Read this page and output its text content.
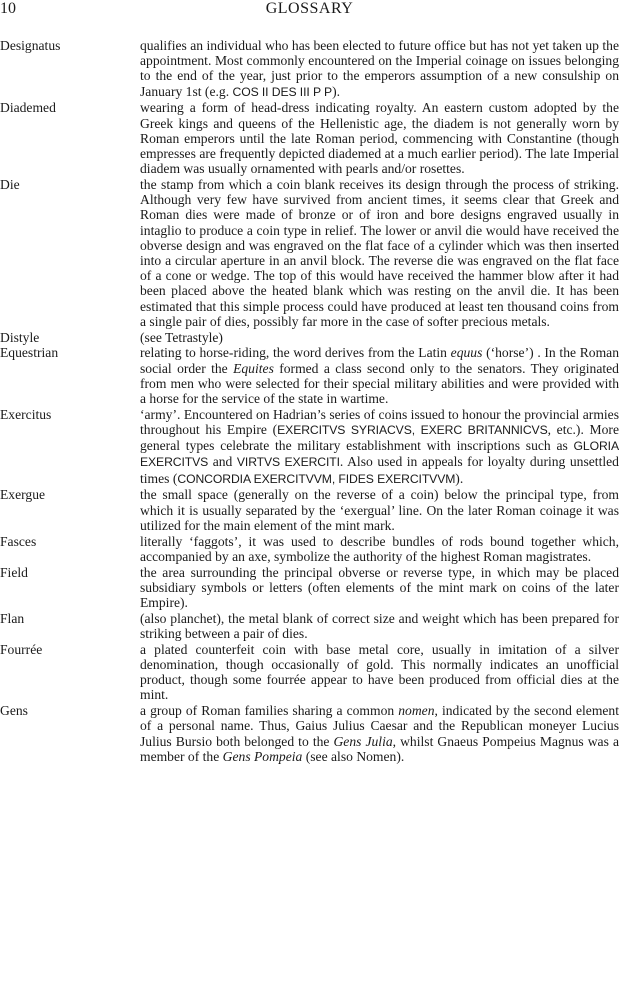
10	GLOSSARY
Designatus	qualifies an individual who has been elected to future office but has not yet taken up the appointment. Most commonly encountered on the Imperial coinage on issues belonging to the end of the year, just prior to the emperors assumption of a new consulship on January 1st (e.g. COS II DES III P P).
Diademed	wearing a form of head-dress indicating royalty. An eastern custom adopted by the Greek kings and queens of the Hellenistic age, the diadem is not generally worn by Roman emperors until the late Roman period, commencing with Constantine (though empresses are frequently depicted diademed at a much earlier period). The late Imperial diadem was usually ornamented with pearls and/or rosettes.
Die	the stamp from which a coin blank receives its design through the process of striking. Although very few have survived from ancient times, it seems clear that Greek and Roman dies were made of bronze or of iron and bore designs engraved usually in intaglio to produce a coin type in relief. The lower or anvil die would have received the obverse design and was engraved on the flat face of a cylinder which was then inserted into a circular aperture in an anvil block. The reverse die was engraved on the flat face of a cone or wedge. The top of this would have received the hammer blow after it had been placed above the heated blank which was resting on the anvil die. It has been estimated that this simple process could have produced at least ten thousand coins from a single pair of dies, possibly far more in the case of softer precious metals.
Distyle	(see Tetrastyle)
Equestrian	relating to horse-riding, the word derives from the Latin equus (‘horse’) . In the Roman social order the Equites formed a class second only to the senators. They originated from men who were selected for their special military abilities and were provided with a horse for the service of the state in wartime.
Exercitus	‘army’. Encountered on Hadrian’s series of coins issued to honour the provincial armies throughout his Empire (EXERCITVS SYRIACVS, EXERC BRITANNICVS, etc.). More general types celebrate the military establishment with inscriptions such as GLORIA EXERCITVS and VIRTVS EXERCITI. Also used in appeals for loyalty during unsettled times (CONCORDIA EXERCITVVM, FIDES EXERCITVVM).
Exergue	the small space (generally on the reverse of a coin) below the principal type, from which it is usually separated by the ‘exergual’ line. On the later Roman coinage it was utilized for the main element of the mint mark.
Fasces	literally ‘faggots’, it was used to describe bundles of rods bound together which, accompanied by an axe, symbolize the authority of the highest Roman magistrates.
Field	the area surrounding the principal obverse or reverse type, in which may be placed subsidiary symbols or letters (often elements of the mint mark on coins of the later Empire).
Flan	(also planchet), the metal blank of correct size and weight which has been prepared for striking between a pair of dies.
Fourrée	a plated counterfeit coin with base metal core, usually in imitation of a silver denomination, though occasionally of gold. This normally indicates an unofficial product, though some fourrée appear to have been produced from official dies at the mint.
Gens	a group of Roman families sharing a common nomen, indicated by the second element of a personal name. Thus, Gaius Julius Caesar and the Republican moneyer Lucius Julius Bursio both belonged to the Gens Julia, whilst Gnaeus Pompeius Magnus was a member of the Gens Pompeia (see also Nomen).
